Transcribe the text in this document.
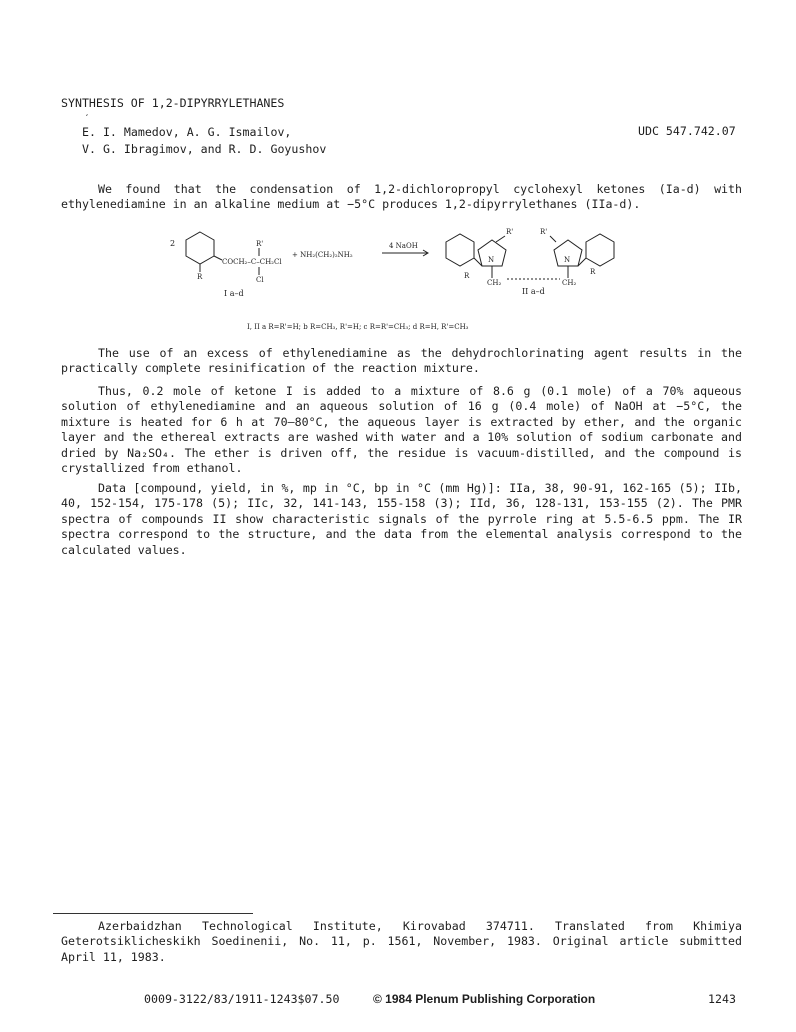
SYNTHESIS OF 1,2-DIPYRRYLETHANES
ˊ
E. I. Mamedov, A. G. Ismailov,
V. G. Ibragimov, and R. D. Goyushov
UDC 547.742.07
We found that the condensation of 1,2-dichloropropyl cyclohexyl ketones (Ia-d) with ethylenediamine in an alkaline medium at −5°C produces 1,2-dipyrrylethanes (IIa-d).
2	R'
COCH₂–C–CH₂Cl
Cl
R
+ NH₂(CH₂)₂NH₂
4 NaOH
I a–d
R'	R'
N	N
R	R
CH₂	CH₂
II a–d
I, II a R=R'=H; b R=CH₃, R'=H; c R=R'=CH₃; d R=H, R'=CH₃
The use of an excess of ethylenediamine as the dehydrochlorinating agent results in the practically complete resinification of the reaction mixture.
Thus, 0.2 mole of ketone I is added to a mixture of 8.6 g (0.1 mole) of a 70% aqueous solution of ethylenediamine and an aqueous solution of 16 g (0.4 mole) of NaOH at −5°C, the mixture is heated for 6 h at 70–80°C, the aqueous layer is extracted by ether, and the organic layer and the ethereal extracts are washed with water and a 10% solution of sodium carbonate and dried by Na₂SO₄. The ether is driven off, the residue is vacuum-distilled, and the compound is crystallized from ethanol.
Data [compound, yield, in %, mp in °C, bp in °C (mm Hg)]: IIa, 38, 90-91, 162-165 (5); IIb, 40, 152-154, 175-178 (5); IIc, 32, 141-143, 155-158 (3); IId, 36, 128-131, 153-155 (2). The PMR spectra of compounds II show characteristic signals of the pyrrole ring at 5.5-6.5 ppm. The IR spectra correspond to the structure, and the data from the elemental analysis correspond to the calculated values.
Azerbaidzhan Technological Institute, Kirovabad 374711. Translated from Khimiya Geterotsiklicheskikh Soedinenii, No. 11, p. 1561, November, 1983. Original article submitted April 11, 1983.
0009-3122/83/1911-1243$07.50	© 1984 Plenum Publishing Corporation	1243
